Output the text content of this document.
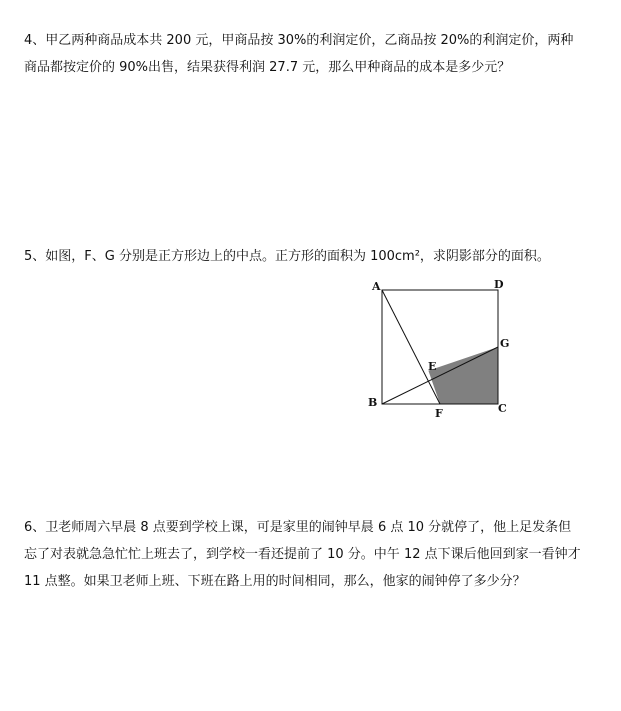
4、甲乙两种商品成本共 200 元，甲商品按 30%的利润定价，乙商品按 20%的利润定价，两种商品都按定价的 90%出售，结果获得利润 27.7 元，那么甲种商品的成本是多少元？

5、如图，F、G 分别是正方形边上的中点。正方形的面积为 100cm²，求阴影部分的面积。

A	D
G
E
B	C
F

6、卫老师周六早晨 8 点要到学校上课，可是家里的闹钟早晨 6 点 10 分就停了，他上足发条但忘了对表就急急忙忙上班去了，到学校一看还提前了 10 分。中午 12 点下课后他回到家一看钟才 11 点整。如果卫老师上班、下班在路上用的时间相同，那么，他家的闹钟停了多少分？
